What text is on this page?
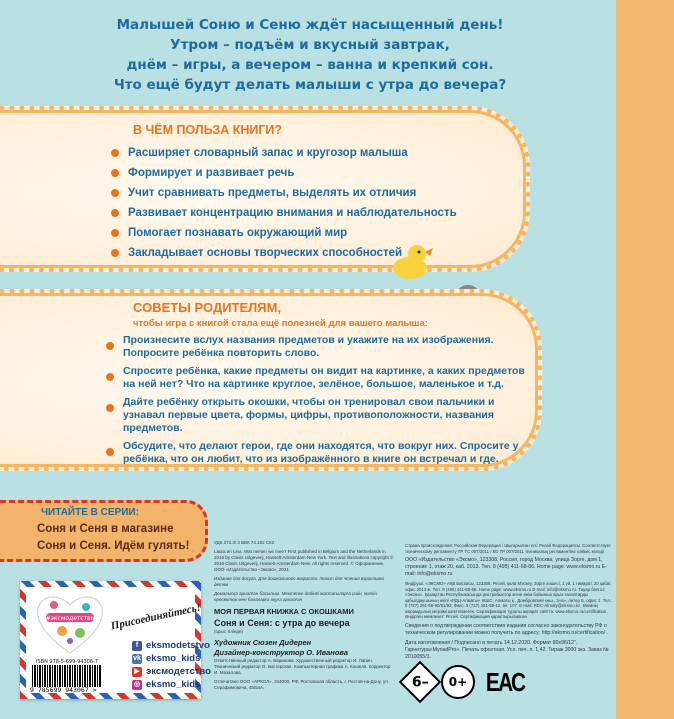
Малышей Соню и Сеню ждёт насыщенный день!
Утром – подъём и вкусный завтрак,
днём – игры, а вечером – ванна и крепкий сон.
Что ещё будут делать малыши с утра до вечера?
В ЧЁМ ПОЛЬЗА КНИГИ?
Расширяет словарный запас и кругозор малыша
Формирует и развивает речь
Учит сравнивать предметы, выделять их отличия
Развивает концентрацию внимания и наблюдательность
Помогает познавать окружающий мир
Закладывает основы творческих способностей
СОВЕТЫ РОДИТЕЛЯМ,
чтобы игра с книгой стала ещё полезней для вашего малыша:
Произнесите вслух названия предметов и укажите на их изображения. Попросите ребёнка повторить слово.
Спросите ребёнка, какие предметы он видит на картинке, а каких предметов на ней нет? Что на картинке круглое, зелёное, большое, маленькое и т.д.
Дайте ребёнку открыть окошки, чтобы он тренировал свои пальчики и узнавал первые цвета, формы, цифры, противоположности, названия предметов.
Обсудите, что делают герои, где они находятся, что вокруг них. Спросите у ребёнка, что он любит, что из изображённого в книге он встречал и где.
ЧИТАЙТЕ В СЕРИИ:
Соня и Сеня в магазине
Соня и Сеня. Идём гулять!
#эксмодетство
ISBN 978-5-699-94306-7
9 785699 943067 >
Присоединяйтесь!
f eksmodetstvo
vk eksmo_kids
▶ эксмодетство
◎ eksmo_kids

УДК 372.3/.4 ББК 74.102 С62

Laura en Lina. Wat nemen we mee? First published in Belgium and the Netherlands in 2016 by Clavis Uitgeverij, Hasselt-Amsterdam-New York. Text and illustrations copyright © 2016 Clavis Uitgeverij, Hasselt-Amsterdam-New. All rights reserved. © Оформление. ООО «Издательство «Эксмо», 2021

Издание для досуга. Для дошкольного возраста, текст для чтения взрослыми детям

Демалысқа арналған басылым. Мектепке дейінгі жастағыларға үшін, мәтін ересектер мен балаларға оқуға арналған

МОЯ ПЕРВАЯ КНИЖКА С ОКОШКАМИ
Соня и Сеня: с утра до вечера

(орыс тілінде)

Художник Сюзен Дидерен
Дизайнер-конструктор О. Иванова

Ответственный редактор А. Баринова. Художественный редактор И. Лапин. Технический редактор О. Кистерская. Компьютерная графика А. Кошеля. Корректор И. Мазалова.

Отпечатано ООО «АРКОЛ», 344000, РФ, Ростовская область, г. Ростов-на-Дону, ул. Серафимовича, 45/54А.

Страна происхождения: Российская Федерация / Шығарылған елі: Ресей Федерациясы. Соответствует техническому регламенту ТР ТС 007/2011 / КО ТР 007/2011 техникалық регламентіне сәйкес келеді

ООО «Издательство «Эксмо», 123308, Россия, город Москва, улица Зорге, дом 1, строение 1, этаж 20, каб. 2013. Тел. 8 (495) 411-68-86. Home page: www.eksmo.ru E-mail: info@eksmo.ru

Өндіруші: «ЭКСМО» АҚБ Баспасы, 123308, Ресей, қала Мәскеу, Зорге көшесі, 1 үй, 1 ғимарат, 20 қабат, офис 2013 ж. Тел. 8 (495) 411-68-86. Home page: www.eksmo.ru E-mail: info@eksmo.ru. Тауар белгісі: «Эксмо». Қазақстан Республикасында дистрибьютор және өнім бойынша арыз-талаптарды қабылдаушының өкілі «РДЦ-Алматы» ЖШС, Алматы қ., Домбровский көш., 3«а», литер Б, офис 1. Тел.: 8 (727) 251-59-90/91/92; Факс: 8 (727) 251-59-12, вн. 107. E-mail: RDC-Almaty@eksmo.kz. Өнімнің жарамдылық мерзімі шектелмеген. Сертификация туралы ақпарат сайтта: www.eksmo.ru/certification. Өндірген мемлекет: Ресей. Сертификация қарастырылмаған

Сведения о подтверждении соответствия издания согласно законодательству РФ о техническом регулировании можно получить по адресу: http://eksmo.ru/certification/ .

Дата изготовления / Подписано в печать 14.12.2020. Формат 80x96/12". Гарнитура«MyriadPro». Печать офсетная. Усл. печ. л. 1,42. Тираж 3000 экз. Заказ № 2010055/1.

6–	0+ ЕАС
